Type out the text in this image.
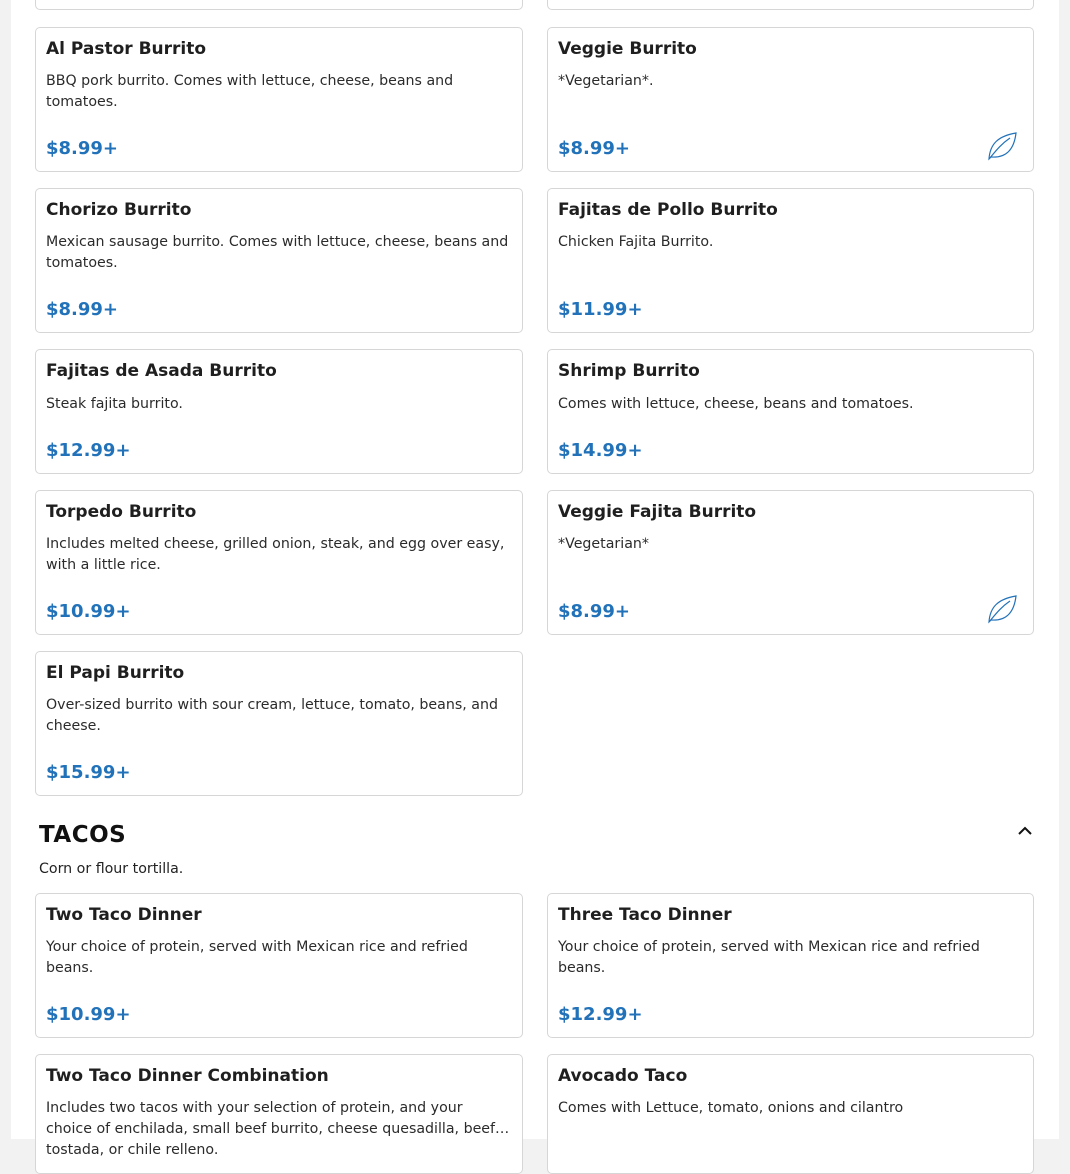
Al Pastor Burrito
BBQ pork burrito. Comes with lettuce, cheese, beans and tomatoes.
$8.99+
Veggie Burrito
*Vegetarian*.
$8.99+
Chorizo Burrito
Mexican sausage burrito. Comes with lettuce, cheese, beans and tomatoes.
$8.99+
Fajitas de Pollo Burrito
Chicken Fajita Burrito.
$11.99+
Fajitas de Asada Burrito
Steak fajita burrito.
$12.99+
Shrimp Burrito
Comes with lettuce, cheese, beans and tomatoes.
$14.99+
Torpedo Burrito
Includes melted cheese, grilled onion, steak, and egg over easy, with a little rice.
$10.99+
Veggie Fajita Burrito
*Vegetarian*
$8.99+
El Papi Burrito
Over-sized burrito with sour cream, lettuce, tomato, beans, and cheese.
$15.99+
TACOS
Corn or flour tortilla.
Two Taco Dinner
Your choice of protein, served with Mexican rice and refried beans.
$10.99+
Three Taco Dinner
Your choice of protein, served with Mexican rice and refried beans.
$12.99+
Two Taco Dinner Combination
Includes two tacos with your selection of protein, and your choice of enchilada, small beef burrito, cheese quesadilla, beef tostada, or chile relleno.
Avocado Taco
Comes with Lettuce, tomato, onions and cilantro
